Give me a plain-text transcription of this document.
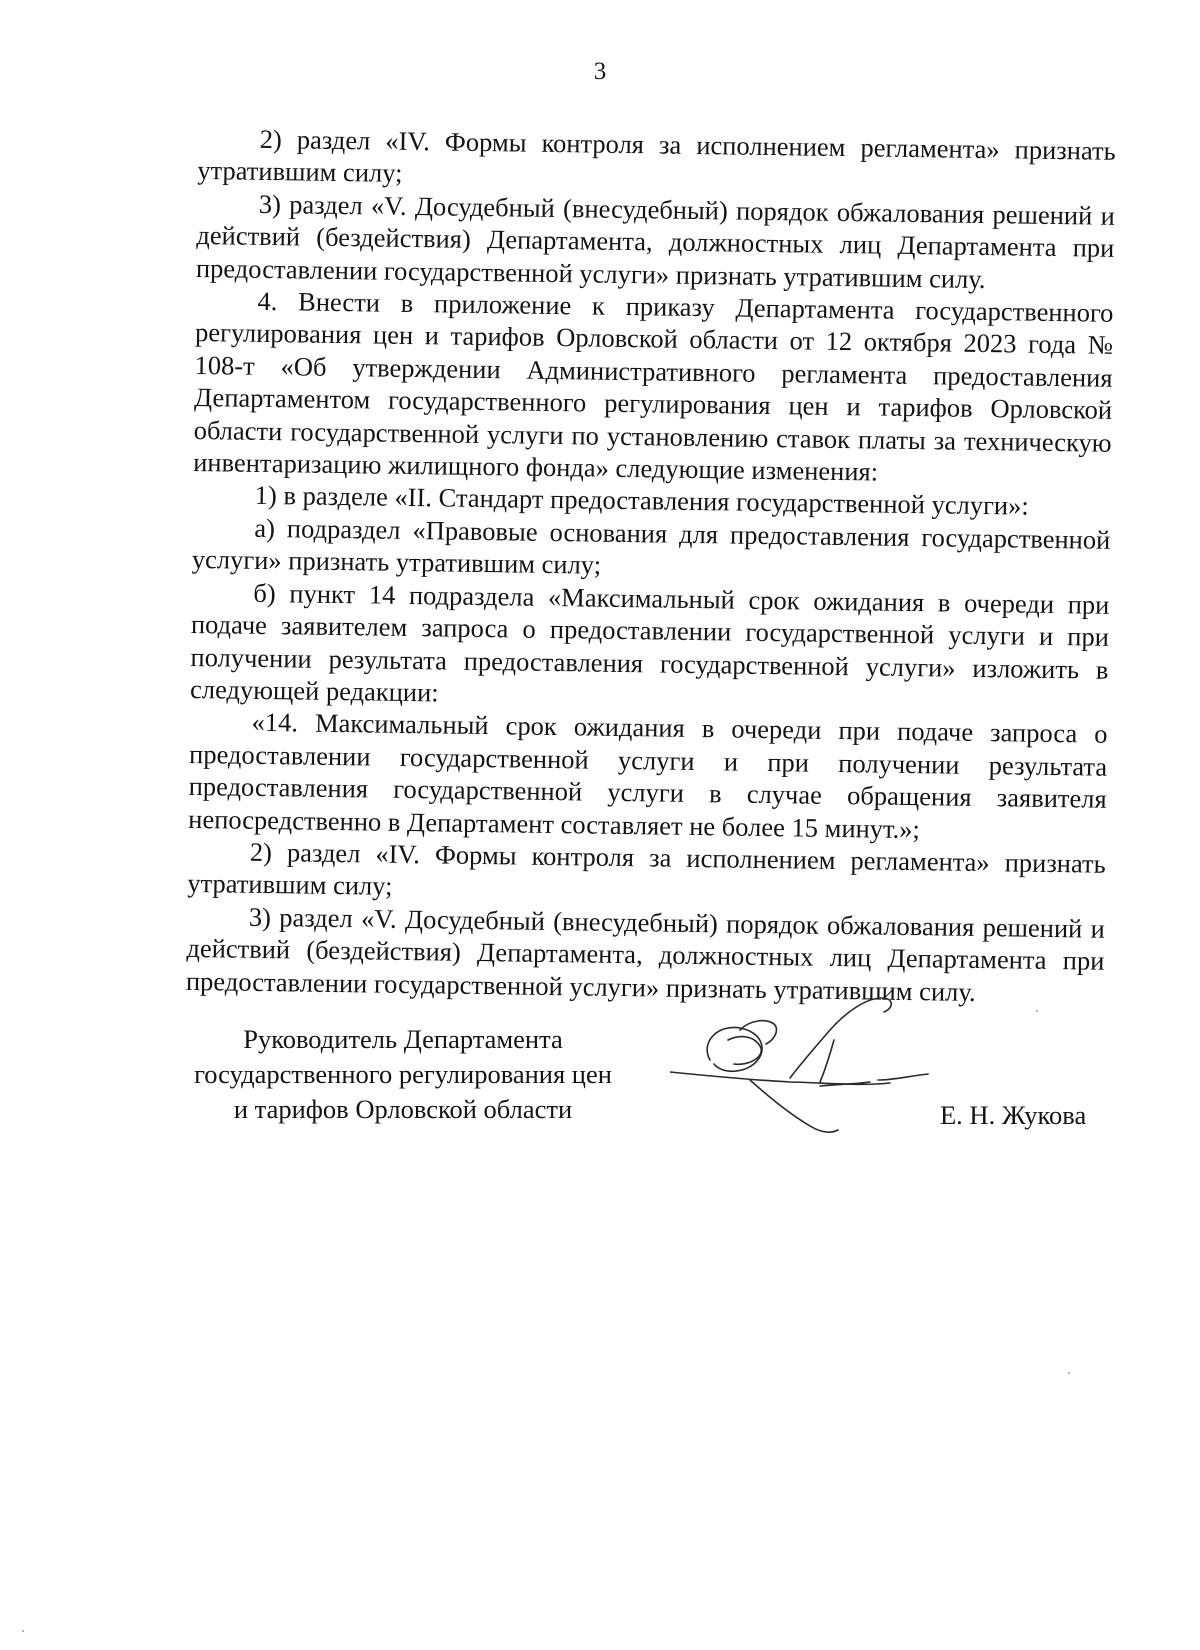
3

2) раздел «IV. Формы контроля за исполнением регламента» признать утратившим силу;

3) раздел «V. Досудебный (внесудебный) порядок обжалования решений и действий (бездействия) Департамента, должностных лиц Департамента при предоставлении государственной услуги» признать утратившим силу.

4. Внести в приложение к приказу Департамента государственного регулирования цен и тарифов Орловской области от 12 октября 2023 года № 108-т «Об утверждении Административного регламента предоставления Департаментом государственного регулирования цен и тарифов Орловской области государственной услуги по установлению ставок платы за техническую инвентаризацию жилищного фонда» следующие изменения:

1) в разделе «II. Стандарт предоставления государственной услуги»:

а) подраздел «Правовые основания для предоставления государственной услуги» признать утратившим силу;

б) пункт 14 подраздела «Максимальный срок ожидания в очереди при подаче заявителем запроса о предоставлении государственной услуги и при получении результата предоставления государственной услуги» изложить в следующей редакции:

«14. Максимальный срок ожидания в очереди при подаче запроса о предоставлении государственной услуги и при получении результата предоставления государственной услуги в случае обращения заявителя непосредственно в Департамент составляет не более 15 минут.»;

2) раздел «IV. Формы контроля за исполнением регламента» признать утратившим силу;

3) раздел «V. Досудебный (внесудебный) порядок обжалования решений и действий (бездействия) Департамента, должностных лиц Департамента при предоставлении государственной услуги» признать утратившим силу.

Руководитель Департамента
государственного регулирования цен
и тарифов Орловской области	Е. Н. Жукова
